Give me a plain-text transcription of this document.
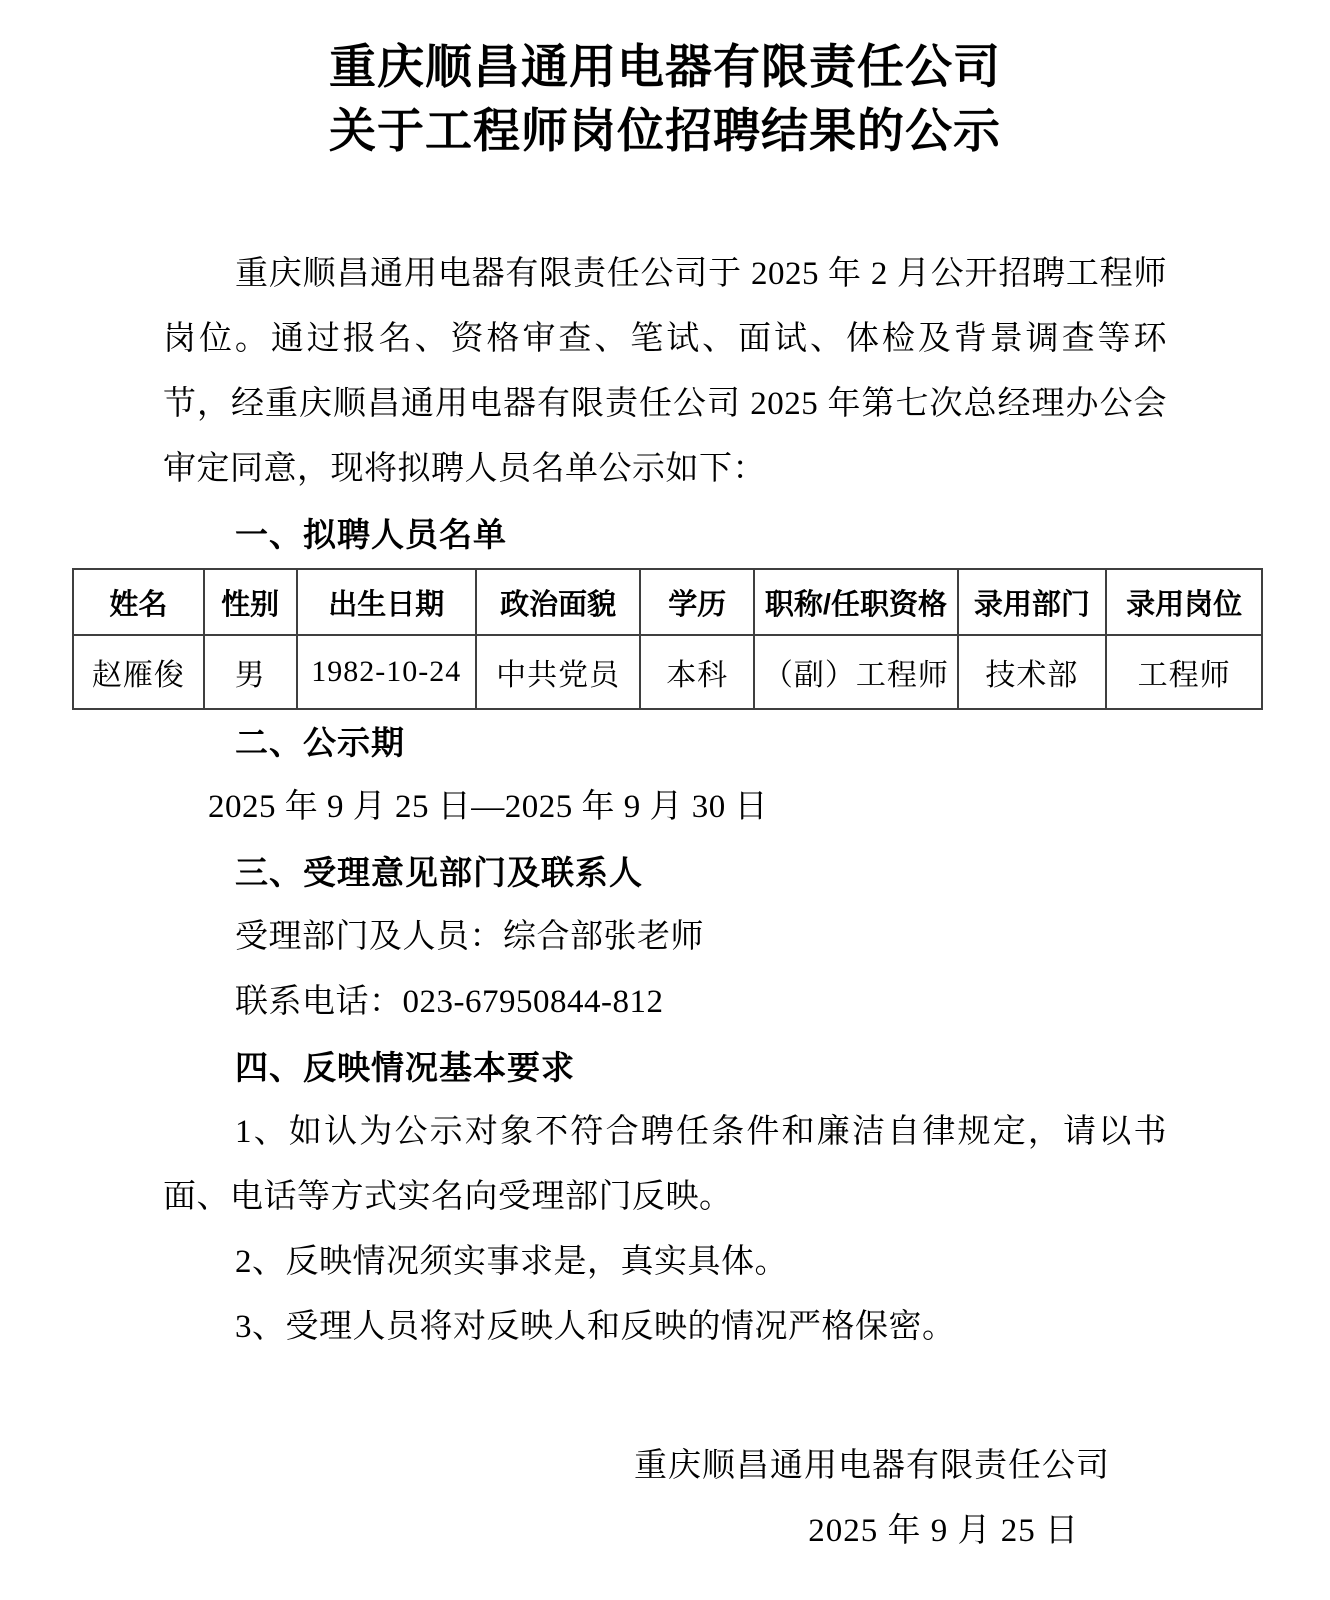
重庆顺昌通用电器有限责任公司
关于工程师岗位招聘结果的公示

重庆顺昌通用电器有限责任公司于 2025 年 2 月公开招聘工程师岗位。通过报名、资格审查、笔试、面试、体检及背景调查等环节，经重庆顺昌通用电器有限责任公司 2025 年第七次总经理办公会审定同意，现将拟聘人员名单公示如下：

一、拟聘人员名单
姓名	性别	出生日期	政治面貌	学历	职称/任职资格	录用部门	录用岗位
赵雁俊	男	1982-10-24	中共党员	本科	（副）工程师	技术部	工程师
二、公示期
2025 年 9 月 25 日—2025 年 9 月 30 日
三、受理意见部门及联系人
受理部门及人员：综合部张老师
联系电话：023-67950844-812
四、反映情况基本要求

1、如认为公示对象不符合聘任条件和廉洁自律规定，请以书面、电话等方式实名向受理部门反映。

2、反映情况须实事求是，真实具体。

3、受理人员将对反映人和反映的情况严格保密。

重庆顺昌通用电器有限责任公司
2025 年 9 月 25 日
